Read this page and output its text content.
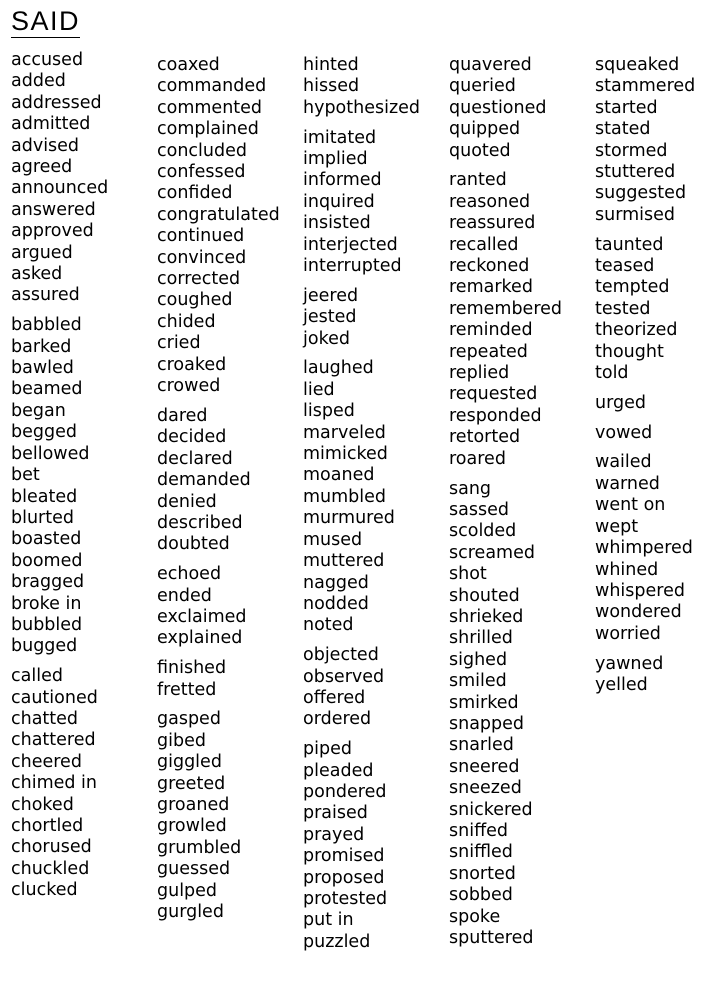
SAID
accused
added
addressed
admitted
advised
agreed
announced
answered
approved
argued
asked
assured
babbled
barked
bawled
beamed
began
begged
bellowed
bet
bleated
blurted
boasted
boomed
bragged
broke in
bubbled
bugged
called
cautioned
chatted
chattered
cheered
chimed in
choked
chortled
chorused
chuckled
clucked
coaxed
commanded
commented
complained
concluded
confessed
confided
congratulated
continued
convinced
corrected
coughed
chided
cried
croaked
crowed
dared
decided
declared
demanded
denied
described
doubted
echoed
ended
exclaimed
explained
finished
fretted
gasped
gibed
giggled
greeted
groaned
growled
grumbled
guessed
gulped
gurgled
hinted
hissed
hypothesized
imitated
implied
informed
inquired
insisted
interjected
interrupted
jeered
jested
joked
laughed
lied
lisped
marveled
mimicked
moaned
mumbled
murmured
mused
muttered
nagged
nodded
noted
objected
observed
offered
ordered
piped
pleaded
pondered
praised
prayed
promised
proposed
protested
put in
puzzled
quavered
queried
questioned
quipped
quoted
ranted
reasoned
reassured
recalled
reckoned
remarked
remembered
reminded
repeated
replied
requested
responded
retorted
roared
sang
sassed
scolded
screamed
shot
shouted
shrieked
shrilled
sighed
smiled
smirked
snapped
snarled
sneered
sneezed
snickered
sniffed
sniffled
snorted
sobbed
spoke
sputtered
squeaked
stammered
started
stated
stormed
stuttered
suggested
surmised
taunted
teased
tempted
tested
theorized
thought
told
urged
vowed
wailed
warned
went on
wept
whimpered
whined
whispered
wondered
worried
yawned
yelled
